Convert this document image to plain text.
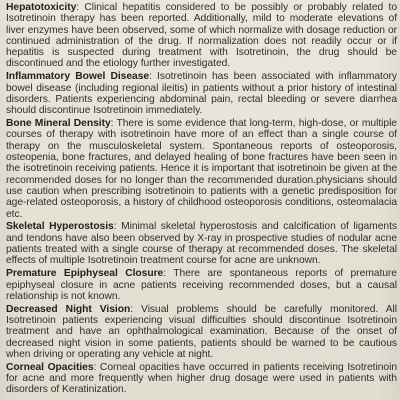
Hepatotoxicity: Clinical hepatitis considered to be possibly or probably related to Isotretinoin therapy has been reported. Additionally, mild to moderate elevations of liver enzymes have been observed, some of which normalize with dosage reduction or continued administration of the drug. If normalization does not readily occur or if hepatitis is suspected during treatment with Isotretinoin, the drug should be discontinued and the etiology further investigated.

Inflammatory Bowel Disease: Isotretinoin has been associated with inflammatory bowel disease (including regional ileitis) in patients without a prior history of intestinal disorders. Patients experiencing abdominal pain, rectal bleeding or severe diarrhea should discontinue Isotretinoin immediately.

Bone Mineral Density: There is some evidence that long-term, high-dose, or multiple courses of therapy with isotretinoin have more of an effect than a single course of therapy on the musculoskeletal system. Spontaneous reports of osteoporosis, osteopenia, bone fractures, and delayed healing of bone fractures have been seen in the isotretinoin receiving patients. Hence it is important that isotretinoin be given at the recommended doses for no longer than the recommended duration.physicians should use caution when prescribing isotretinoin to patients with a genetic predisposition for age-related osteoporosis, a history of childhood osteoporosis conditions, osteomalacia etc.

Skeletal Hyperostosis: Minimal skeletal hyperostosis and calcification of ligaments and tendons have also been observed by X-ray in prospective studies of nodular acne patients treated with a single course of therapy at recommended doses. The skeletal effects of multiple Isotretinoin treatment course for acne are unknown.

Premature Epiphyseal Closure: There are spontaneous reports of premature epiphyseal closure in acne patients receiving recommended doses, but a causal relationship is not known.

Decreased Night Vision: Visual problems should be carefully monitored. All Isotretinoin patients experiencing visual difficulties should discontinue Isotretinoin treatment and have an ophthalmological examination. Because of the onset of decreased night vision in some patients, patients should be warned to be cautious when driving or operating any vehicle at night.

Corneal Opacities: Corneal opacities have occurred in patients receiving Isotretinoin for acne and more frequently when higher drug dosage were used in patients with disorders of Keratinization.
